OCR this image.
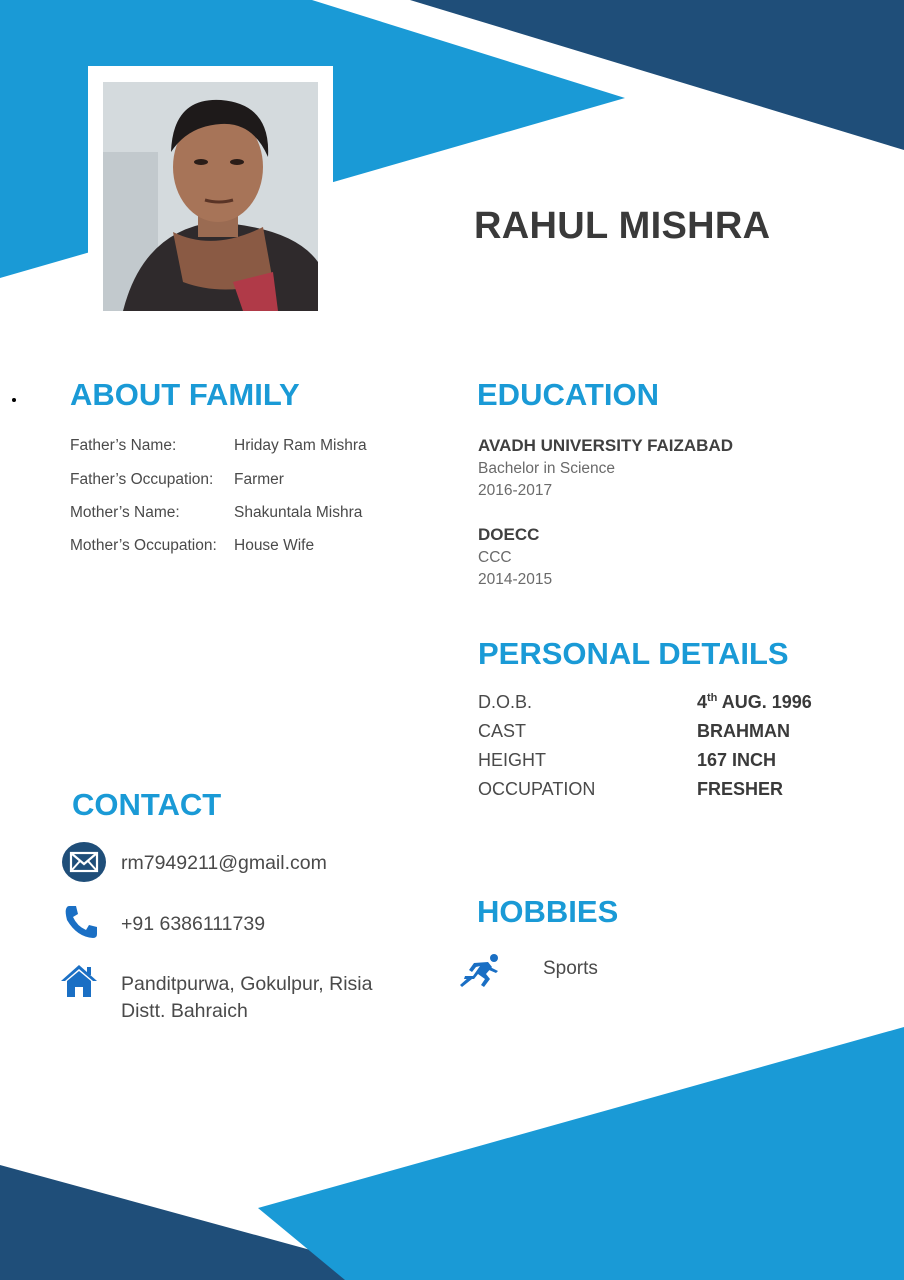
RAHUL MISHRA
ABOUT FAMILY
Father’s Name:	Hriday Ram Mishra
Father’s Occupation: Farmer
Mother’s Name:	Shakuntala Mishra
Mother’s Occupation: House Wife
EDUCATION
AVADH UNIVERSITY FAIZABAD
Bachelor in Science
2016-2017
DOECC
CCC
2014-2015
PERSONAL DETAILS
D.O.B.	4th AUG. 1996
CAST	BRAHMAN
HEIGHT	167 INCH
OCCUPATION	FRESHER
CONTACT
rm7949211@gmail.com
+91 6386111739
Panditpurwa, Gokulpur, Risia
Distt. Bahraich
HOBBIES
Sports
